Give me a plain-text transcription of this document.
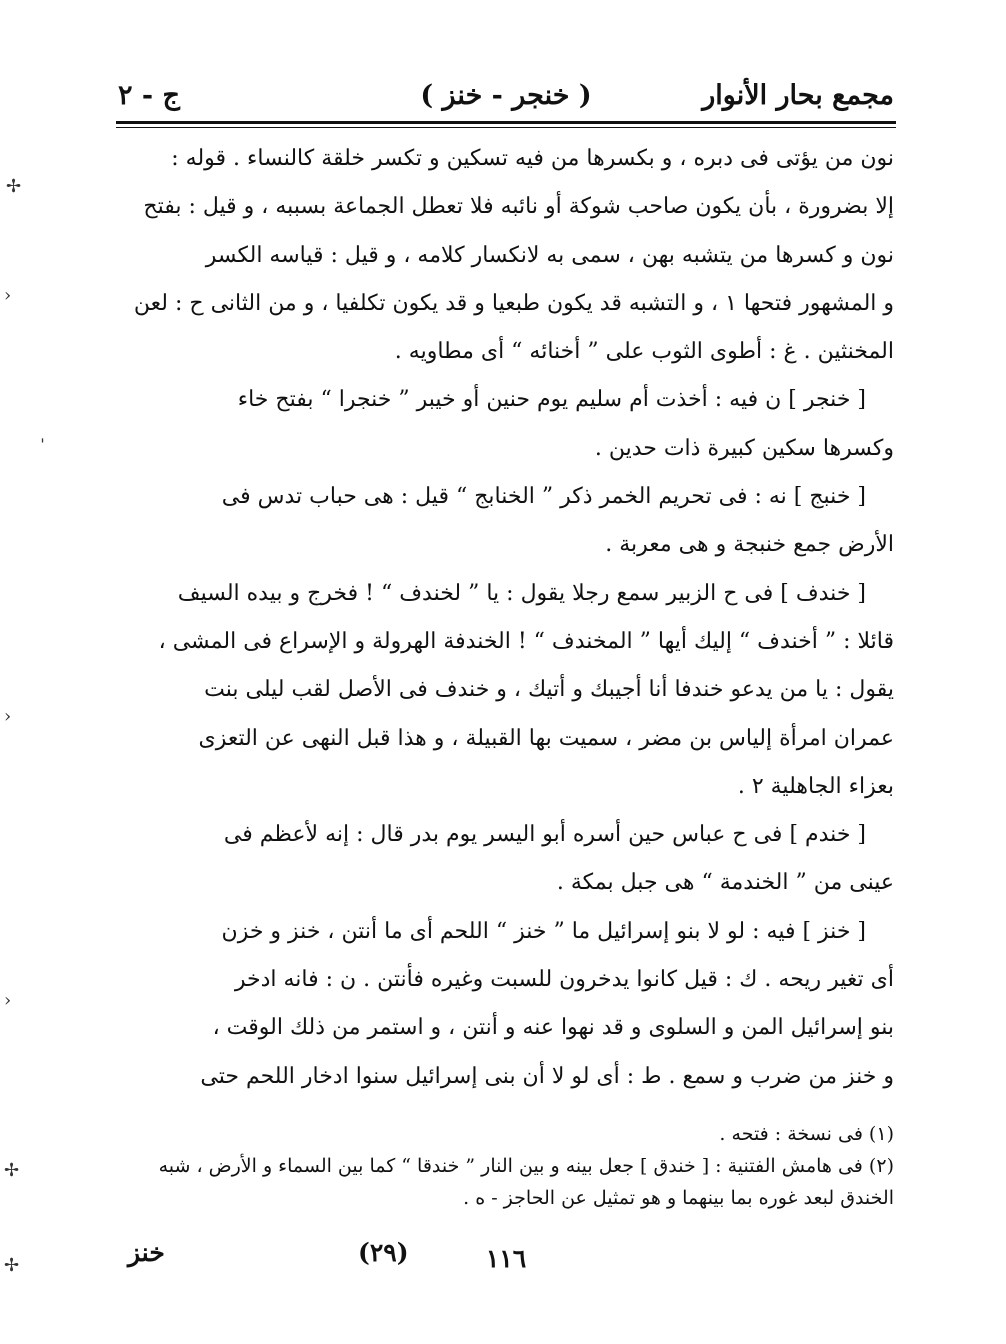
مجمع بحار الأنوار
( خنجر - خنز )
ج - ٢

نون من يؤتى فى دبره ، و بكسرها من فيه تسكين و تكسر خلقة كالنساء . قوله :

إلا بضرورة ، بأن يكون صاحب شوكة أو نائبه فلا تعطل الجماعة بسببه ، و قيل : بفتح

نون و كسرها من يتشبه بهن ، سمى به لانكسار كلامه ، و قيل : قياسه الكسر

و المشهور فتحها ١ ، و التشبه قد يكون طبعيا و قد يكون تكلفيا ، و من الثانى ح : لعن

المخنثين . غ : أطوى الثوب على ” أخنائه “ أى مطاويه .

[ خنجر ] ن فيه : أخذت أم سليم يوم حنين أو خيبر ” خنجرا “ بفتح خاء

وكسرها سكين كبيرة ذات حدين .

[ خنبج ] نه : فى تحريم الخمر ذكر ” الخنابج “ قيل : هى حباب تدس فى

الأرض جمع خنبجة و هى معربة .

[ خندف ] فى ح الزبير سمع رجلا يقول : يا ” لخندف “ ! فخرج و بيده السيف

قائلا : ” أخندف “ إليك أيها ” المخندف “ ! الخندفة الهرولة و الإسراع فى المشى ،

يقول : يا من يدعو خندفا أنا أجيبك و أتيك ، و خندف فى الأصل لقب ليلى بنت

عمران امرأة إلياس بن مضر ، سميت بها القبيلة ، و هذا قبل النهى عن التعزى

بعزاء الجاهلية ٢ .

[ خندم ] فى ح عباس حين أسره أبو اليسر يوم بدر قال : إنه لأعظم فى

عينى من ” الخندمة “ هى جبل بمكة .

[ خنز ] فيه : لو لا بنو إسرائيل ما ” خنز “ اللحم أى ما أنتن ، خنز و خزن

أى تغير ريحه . ك : قيل كانوا يدخرون للسبت وغيره فأنتن . ن : فانه ادخر

بنو إسرائيل المن و السلوى و قد نهوا عنه و أنتن ، و استمر من ذلك الوقت ،

و خنز من ضرب و سمع . ط : أى لو لا أن بنى إسرائيل سنوا ادخار اللحم حتى

(١) فى نسخة : فتحه .

(٢) فى هامش الفتنية : [ خندق ] جعل بينه و بين النار ” خندقا “ كما بين السماء و الأرض ، شبه

الخندق لبعد غوره بما بينهما و هو تمثيل عن الحاجز - ه .

خنز	(٢٩)	١١٦
✢
›
ˈ
›
›
✢
✢
